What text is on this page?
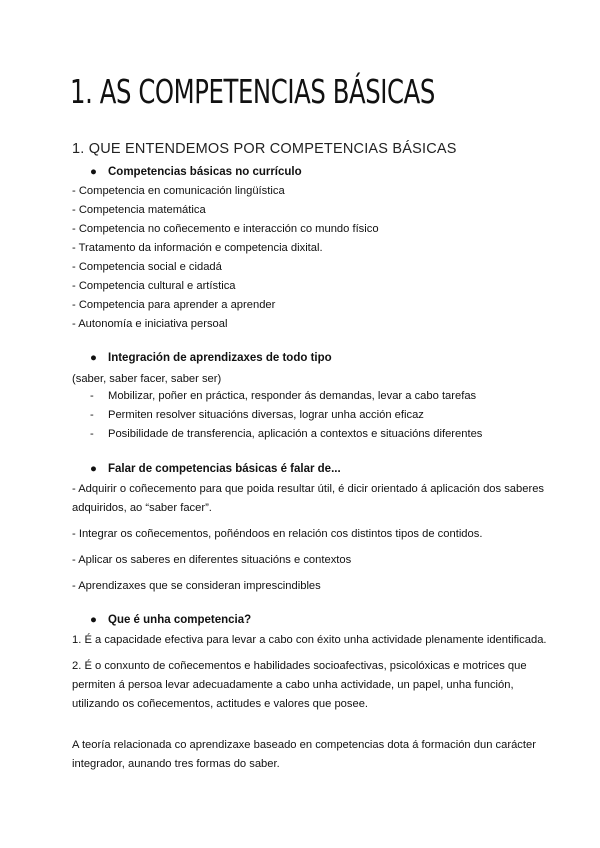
1. AS COMPETENCIAS BÁSICAS
1. QUE ENTENDEMOS POR COMPETENCIAS BÁSICAS
● Competencias básicas no currículo
- Competencia en comunicación lingüística
- Competencia matemática
- Competencia no coñecemento e interacción co mundo físico
- Tratamento da información e competencia dixital.
- Competencia social e cidadá
- Competencia cultural e artística
- Competencia para aprender a aprender
- Autonomía e iniciativa persoal
● Integración de aprendizaxes de todo tipo
(saber, saber facer, saber ser)
- Mobilizar, poñer en práctica, responder ás demandas, levar a cabo tarefas
- Permiten resolver situacións diversas, lograr unha acción eficaz
- Posibilidade de transferencia, aplicación a contextos e situacións diferentes
● Falar de competencias básicas é falar de...
- Adquirir o coñecemento para que poida resultar útil, é dicir orientado á aplicación dos saberes
adquiridos, ao “saber facer”.
- Integrar os coñecementos, poñéndoos en relación cos distintos tipos de contidos.
- Aplicar os saberes en diferentes situacións e contextos
- Aprendizaxes que se consideran imprescindibles
● Que é unha competencia?
1. É a capacidade efectiva para levar a cabo con éxito unha actividade plenamente identificada.
2. É o conxunto de coñecementos e habilidades socioafectivas, psicolóxicas e motrices que
permiten á persoa levar adecuadamente a cabo unha actividade, un papel, unha función,
utilizando os coñecementos, actitudes e valores que posee.
A teoría relacionada co aprendizaxe baseado en competencias dota á formación dun carácter
integrador, aunando tres formas do saber.
